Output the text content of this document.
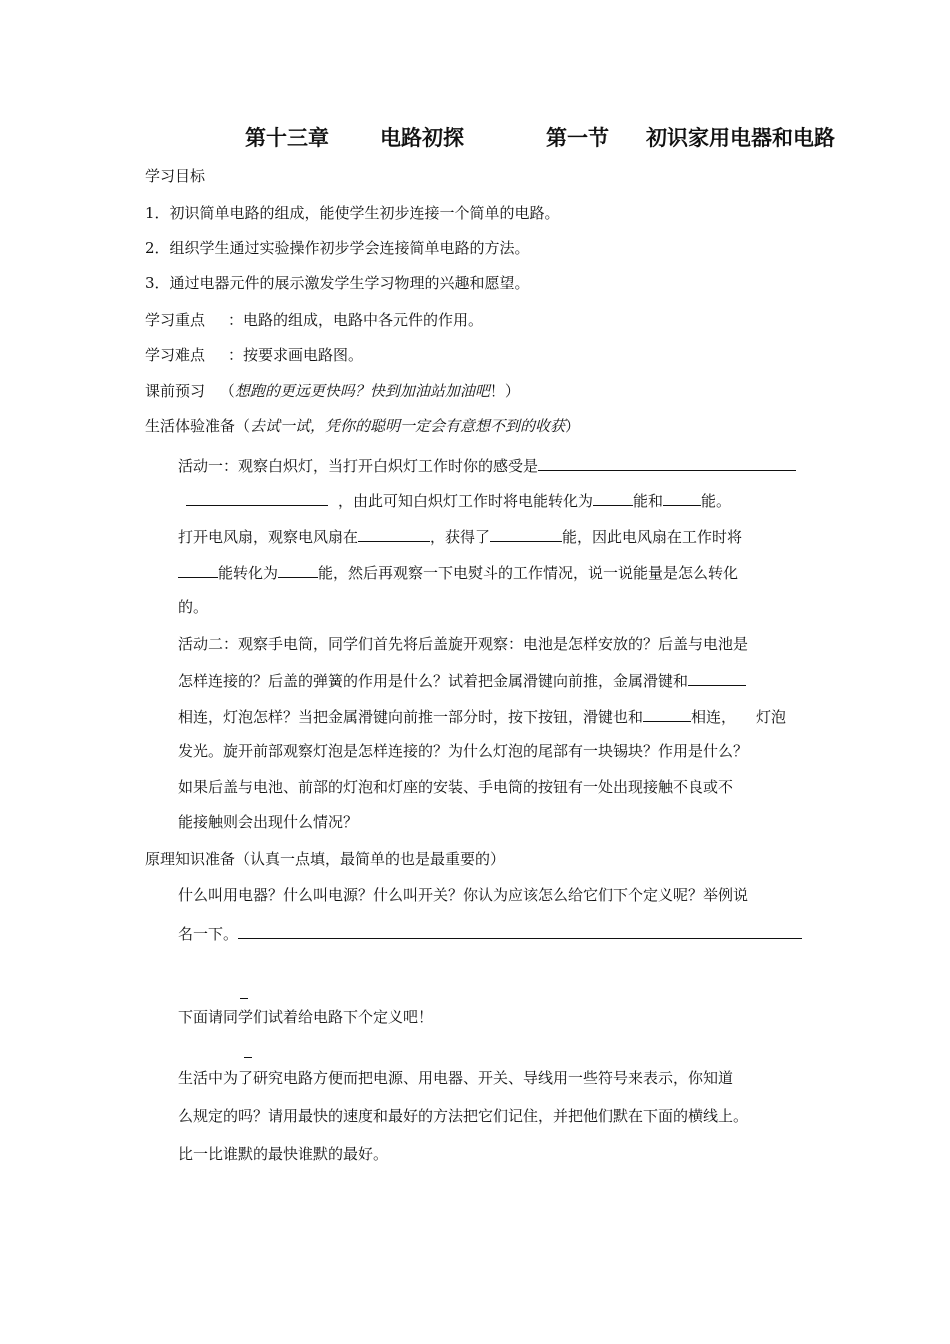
第十三章 电路初探	第一节 初识家用电器和电路
学习目标
1．初识简单电路的组成，能使学生初步连接一个简单的电路。
2．组织学生通过实验操作初步学会连接简单电路的方法。
3．通过电器元件的展示激发学生学习物理的兴趣和愿望。
学习重点 ：电路的组成，电路中各元件的作用。
学习难点 ：按要求画电路图。
课前预习 （想跑的更远更快吗？快到加油站加油吧！）
生活体验准备（去试一试，凭你的聪明一定会有意想不到的收获）
活动一：观察白炽灯，当打开白炽灯工作时你的感受是
，由此可知白炽灯工作时将电能转化为	能和	能。
打开电风扇，观察电风扇在	，获得了	能，因此电风扇在工作时将
能转化为	能，然后再观察一下电熨斗的工作情况，说一说能量是怎么转化
的。
活动二：观察手电筒，同学们首先将后盖旋开观察：电池是怎样安放的？后盖与电池是
怎样连接的？后盖的弹簧的作用是什么？试着把金属滑键向前推，金属滑键和
相连，灯泡怎样？当把金属滑键向前推一部分时，按下按钮，滑键也和	相连， 灯泡
发光。旋开前部观察灯泡是怎样连接的？为什么灯泡的尾部有一块锡块？作用是什么？
如果后盖与电池、前部的灯泡和灯座的安装、手电筒的按钮有一处出现接触不良或不
能接触则会出现什么情况？
原理知识准备（认真一点填，最简单的也是最重要的）
什么叫用电器？什么叫电源？什么叫开关？你认为应该怎么给它们下个定义呢？举例说
名一下。
下面请同学们试着给电路下个定义吧！
生活中为了研究电路方便而把电源、用电器、开关、导线用一些符号来表示，你知道
么规定的吗？请用最快的速度和最好的方法把它们记住，并把他们默在下面的横线上。
比一比谁默的最快谁默的最好。
